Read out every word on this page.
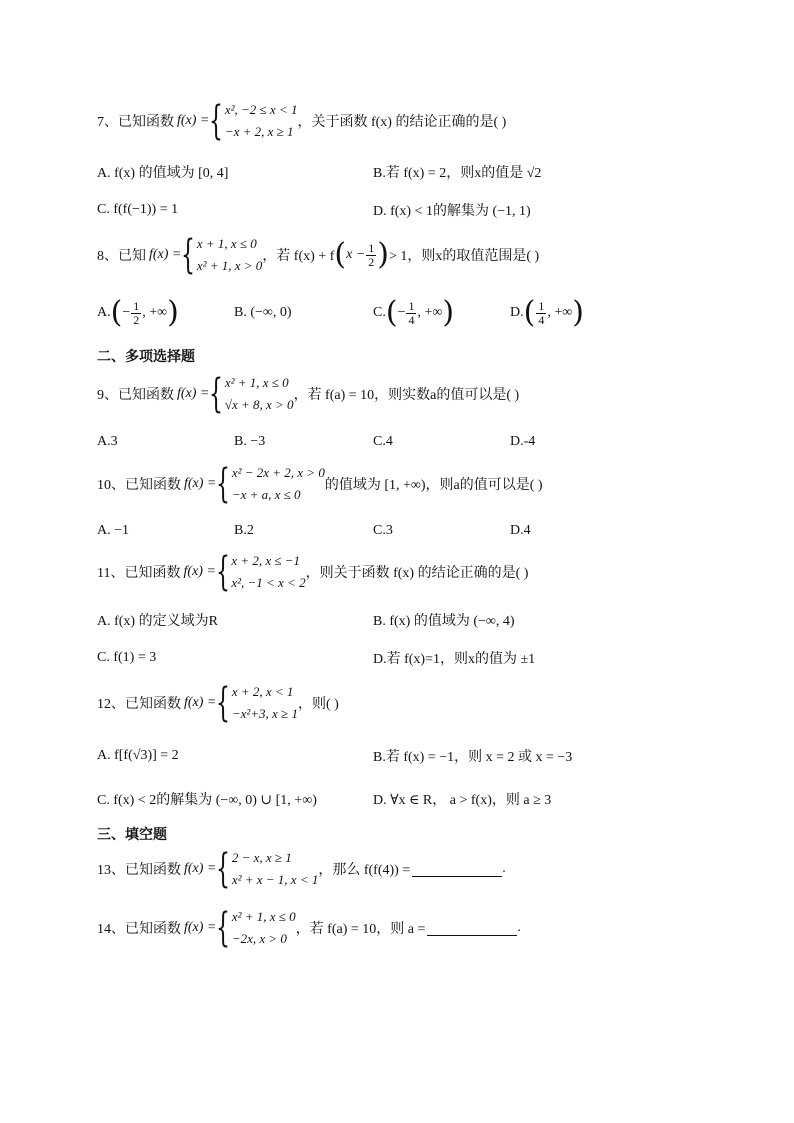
7、 已知函数 f(x) = { x², −2 ≤ x < 1
−x + 2, x ≥ 1
，关于函数 f(x) 的结论正确的是( )
A. f(x) 的值域为 [0, 4]	B.若 f(x) = 2，则x的值是 √2
C. f(f(−1)) = 1	D. f(x) < 1的解集为 (−1, 1)
8、 已知 f(x) = { x + 1, x ≤ 0
x² + 1, x > 0
，若 f(x) + f ( $x - \frac{1}{2}$ ) > 1，则x的取值范围是( )
A. ( − $\frac{1}{2}$ , +∞ )	B. (−∞, 0)	C. ( − $\frac{1}{4}$ , +∞ )	D. ( $\frac{1}{4}$ , +∞ )
二、多项选择题
9、 已知函数 f(x) = { x² + 1, x ≤ 0
√x + 8, x > 0
，若 f(a) = 10，则实数a的值可以是( )
A.3	B. −3	C.4	D.-4
10、 已知函数 f(x) = { x² − 2x + 2, x > 0
−x + a, x ≤ 0
的值域为 [1, +∞)，则a的值可以是( )
A. −1	B.2	C.3	D.4
11、 已知函数 f(x) = { x + 2, x ≤ −1
x², −1 < x < 2
，则关于函数 f(x) 的结论正确的是( )
A. f(x) 的定义域为R	B. f(x) 的值域为 (−∞, 4)
C. f(1) = 3	D.若 f(x)=1，则x的值为 ±1
12、 已知函数 f(x) = { x + 2, x < 1
−x²+3, x ≥ 1
，则( )
A. f[f(√3)] = 2	B.若 f(x) = −1，则 x = 2 或 x = −3
C. f(x) < 2的解集为 (−∞, 0) ∪ [1, +∞)	D. ∀x ∈ R， a > f(x)，则 a ≥ 3
三、填空题
13、 已知函数 f(x) = { 2 − x, x ≥ 1
x² + x − 1, x < 1
，那么 f(f(4)) =	.
14、 已知函数 f(x) = { x² + 1, x ≤ 0
−2x, x > 0
，若 f(a) = 10，则 a =	.
